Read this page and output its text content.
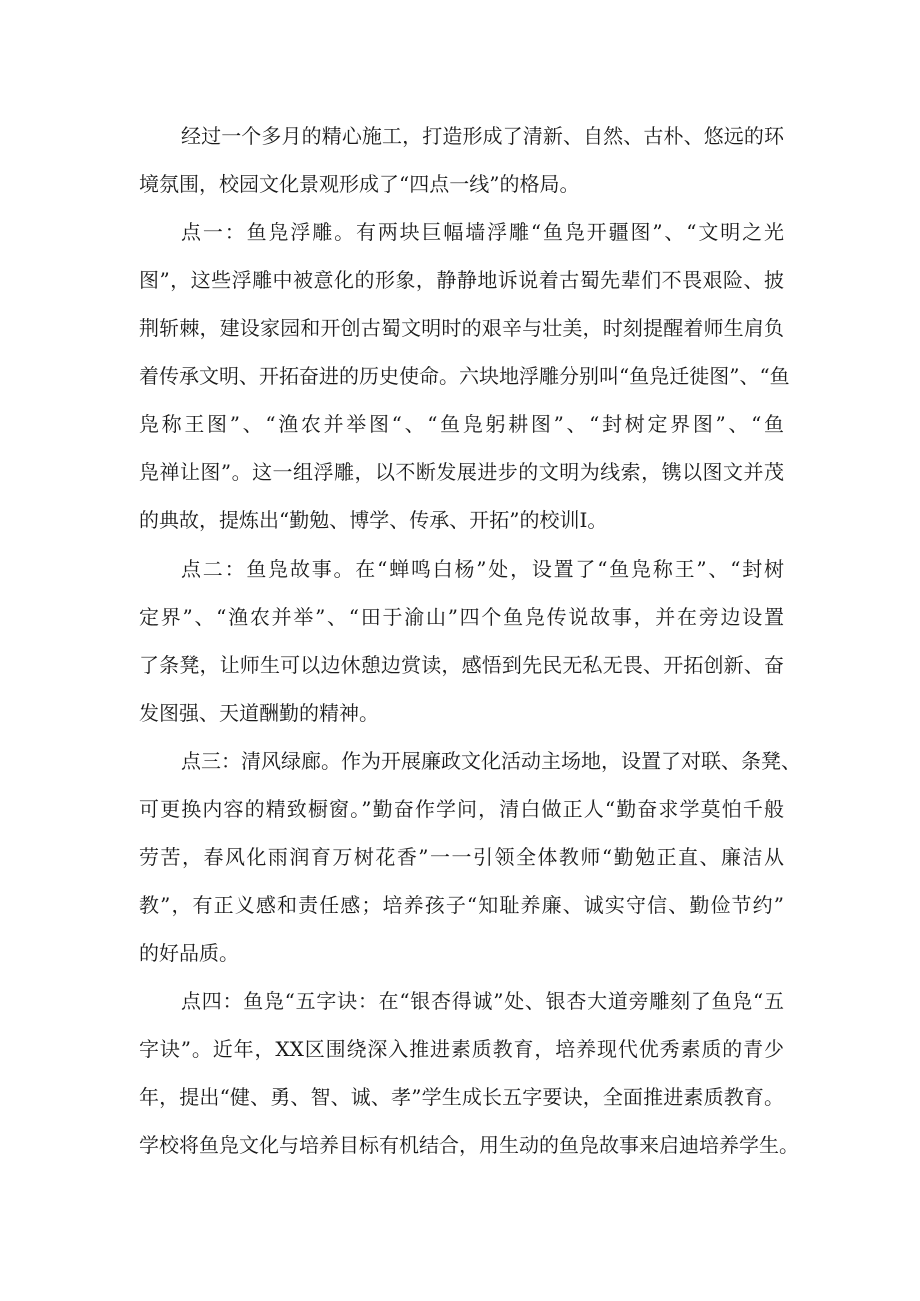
经过一个多月的精心施工，打造形成了清新、自然、古朴、悠远的环

境氛围，校园文化景观形成了“四点一线”的格局。

点一：鱼凫浮雕。有两块巨幅墙浮雕“鱼凫开疆图”、“文明之光

图”，这些浮雕中被意化的形象，静静地诉说着古蜀先辈们不畏艰险、披

荆斩棘，建设家园和开创古蜀文明时的艰辛与壮美，时刻提醒着师生肩负

着传承文明、开拓奋进的历史使命。六块地浮雕分别叫“鱼凫迁徙图”、“鱼

凫称王图”、“渔农并举图“、“鱼凫躬耕图”、“封树定界图”、“鱼

凫禅让图”。这一组浮雕，以不断发展进步的文明为线索，镌以图文并茂

的典故，提炼出“勤勉、博学、传承、开拓”的校训I。

点二：鱼凫故事。在“蝉鸣白杨”处，设置了“鱼凫称王”、“封树

定界”、“渔农并举”、“田于渝山”四个鱼凫传说故事，并在旁边设置

了条凳，让师生可以边休憩边赏读，感悟到先民无私无畏、开拓创新、奋

发图强、天道酬勤的精神。

点三：清风绿廊。作为开展廉政文化活动主场地，设置了对联、条凳、

可更换内容的精致橱窗。”勤奋作学问，清白做正人“勤奋求学莫怕千般

劳苦，春风化雨润育万树花香”一一引领全体教师“勤勉正直、廉洁从

教”，有正义感和责任感；培养孩子“知耻养廉、诚实守信、勤俭节约”

的好品质。

点四：鱼凫“五字诀：在“银杏得诚”处、银杏大道旁雕刻了鱼凫“五

字诀”。近年，XX区围绕深入推进素质教育，培养现代优秀素质的青少

年，提出“健、勇、智、诚、孝”学生成长五字要诀，全面推进素质教育。

学校将鱼凫文化与培养目标有机结合，用生动的鱼凫故事来启迪培养学生。
